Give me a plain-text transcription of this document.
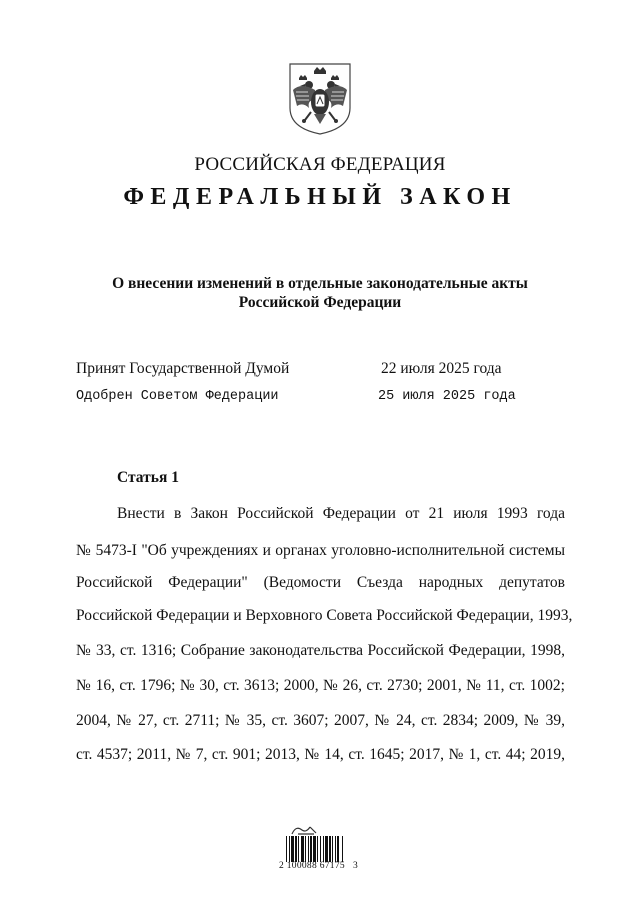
РОССИЙСКАЯ ФЕДЕРАЦИЯ
ФЕДЕРАЛЬНЫЙ ЗАКОН
О внесении изменений в отдельные законодательные акты
Российской Федерации
Принят Государственной Думой	22 июля 2025 года
Одобрен Советом Федерации	25 июля 2025 года
Статья 1
Внести в Закон Российской Федерации от 21 июля 1993 года
№ 5473-I "Об учреждениях и органах уголовно-исполнительной системы
Российской Федерации" (Ведомости Съезда народных депутатов
Российской Федерации и Верховного Совета Российской Федерации, 1993,
№ 33, ст. 1316; Собрание законодательства Российской Федерации, 1998,
№ 16, ст. 1796; № 30, ст. 3613; 2000, № 26, ст. 2730; 2001, № 11, ст. 1002;
2004, № 27, ст. 2711; № 35, ст. 3607; 2007, № 24, ст. 2834; 2009, № 39,
ст. 4537; 2011, № 7, ст. 901; 2013, № 14, ст. 1645; 2017, № 1, ст. 44; 2019,
2 100088 67175   3
